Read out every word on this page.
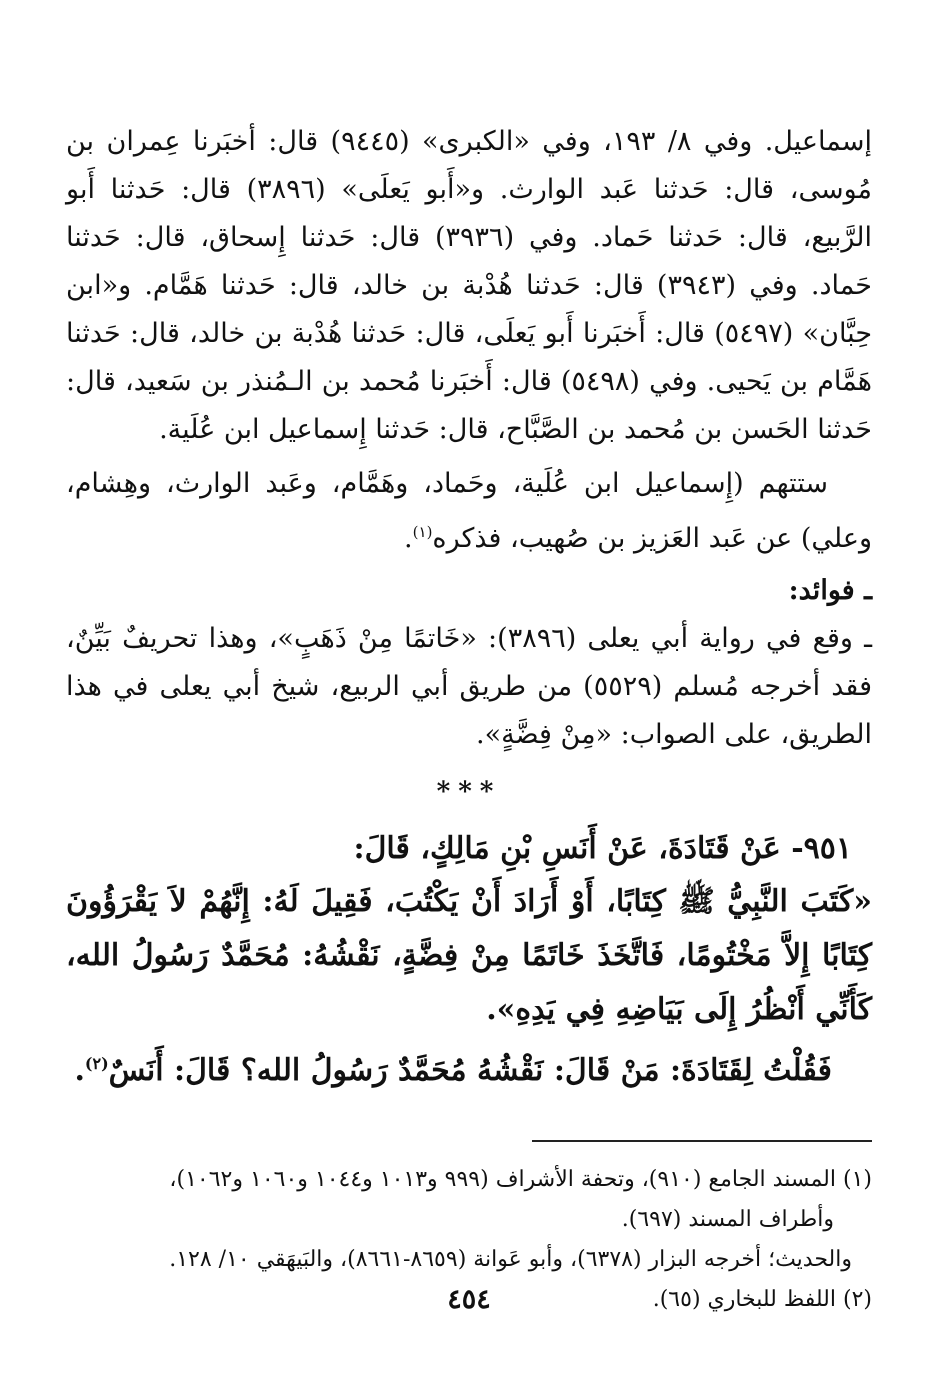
إسماعيل. وفي ٨/ ١٩٣، وفي «الكبرى» (٩٤٤٥) قال: أخبَرنا عِمران بن مُوسى، قال: حَدثنا عَبد الوارث. و«أَبو يَعلَى» (٣٨٩٦) قال: حَدثنا أَبو الرَّبيع، قال: حَدثنا حَماد. وفي (٣٩٣٦) قال: حَدثنا إِسحاق، قال: حَدثنا حَماد. وفي (٣٩٤٣) قال: حَدثنا هُدْبة بن خالد، قال: حَدثنا هَمَّام. و«ابن حِبَّان» (٥٤٩٧) قال: أَخبَرنا أَبو يَعلَى، قال: حَدثنا هُدْبة بن خالد، قال: حَدثنا هَمَّام بن يَحيى. وفي (٥٤٩٨) قال: أَخبَرنا مُحمد بن الـمُنذر بن سَعيد، قال: حَدثنا الحَسن بن مُحمد بن الصَّبَّاح، قال: حَدثنا إِسماعيل ابن عُلَية.

ستتهم (إِسماعيل ابن عُلَية، وحَماد، وهَمَّام، وعَبد الوارث، وهِشام، وعلي) عن عَبد العَزيز بن صُهيب، فذكره$^{(١)}$.

ـ فوائد:

ـ وقع في رواية أبي يعلى (٣٨٩٦): «خَاتمًا مِنْ ذَهَبٍ»، وهذا تحريفٌ بَيِّنٌ، فقد أخرجه مُسلم (٥٥٢٩) من طريق أبي الربيع، شيخ أبي يعلى في هذا الطريق، على الصواب: «مِنْ فِضَّةٍ».

***

٩٥١- عَنْ قَتَادَةَ، عَنْ أَنَسِ بْنِ مَالِكٍ، قَالَ:

«كَتَبَ النَّبِيُّ ﷺ كِتَابًا، أَوْ أَرَادَ أَنْ يَكْتُبَ، فَقِيلَ لَهُ: إِنَّهُمْ لاَ يَقْرَؤُونَ كِتَابًا إِلاَّ مَخْتُومًا، فَاتَّخَذَ خَاتَمًا مِنْ فِضَّةٍ، نَقْشُهُ: مُحَمَّدٌ رَسُولُ الله، كَأَنِّي أَنْظُرُ إِلَى بَيَاضِهِ فِي يَدِهِ».

فَقُلْتُ لِقَتَادَةَ: مَنْ قَالَ: نَقْشُهُ مُحَمَّدٌ رَسُولُ الله؟ قَالَ: أَنَسٌ$^{(٢)}$.

(١) المسند الجامع (٩١٠)، وتحفة الأشراف (٩٩٩ و١٠١٣ و١٠٤٤ و١٠٦٠ و١٠٦٢)،

وأطراف المسند (٦٩٧).

والحديث؛ أخرجه البزار (٦٣٧٨)، وأبو عَوانة (٨٦٥٩-٨٦٦١)، والبَيهَقي ١٠/ ١٢٨.

(٢) اللفظ للبخاري (٦٥).

٤٥٤
